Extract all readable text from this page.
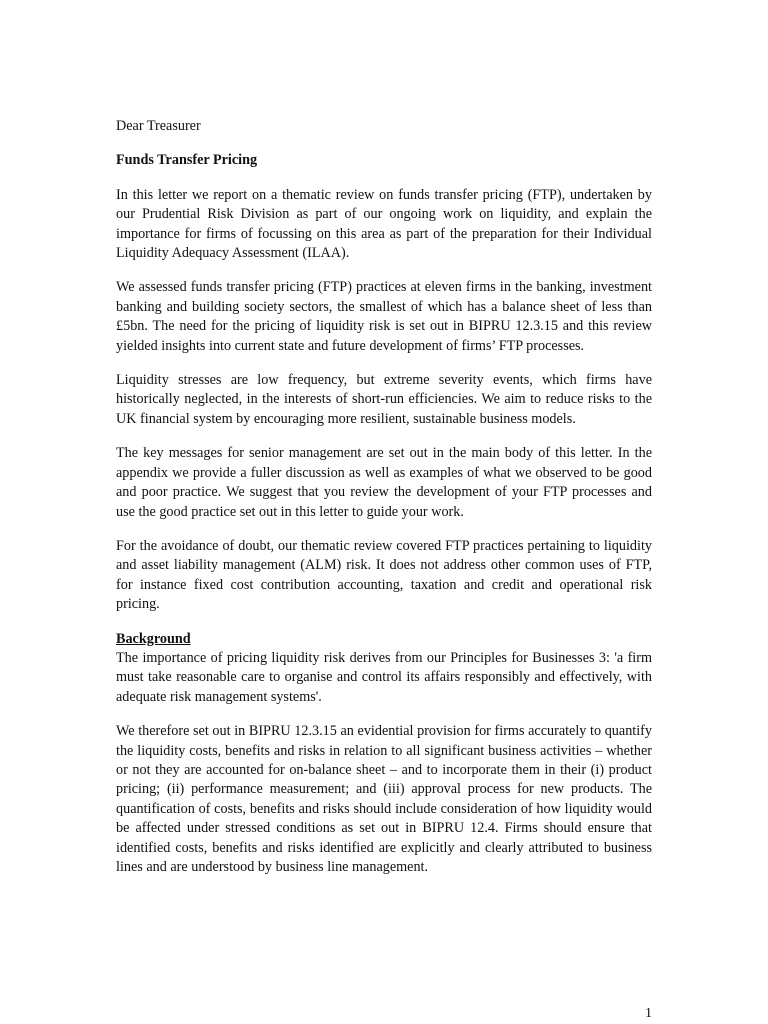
Dear Treasurer

Funds Transfer Pricing

In this letter we report on a thematic review on funds transfer pricing (FTP), undertaken by our Prudential Risk Division as part of our ongoing work on liquidity, and explain the importance for firms of focussing on this area as part of the preparation for their Individual Liquidity Adequacy Assessment (ILAA).

We assessed funds transfer pricing (FTP) practices at eleven firms in the banking, investment banking and building society sectors, the smallest of which has a balance sheet of less than £5bn. The need for the pricing of liquidity risk is set out in BIPRU 12.3.15 and this review yielded insights into current state and future development of firms’ FTP processes.

Liquidity stresses are low frequency, but extreme severity events, which firms have historically neglected, in the interests of short-run efficiencies. We aim to reduce risks to the UK financial system by encouraging more resilient, sustainable business models.

The key messages for senior management are set out in the main body of this letter. In the appendix we provide a fuller discussion as well as examples of what we observed to be good and poor practice. We suggest that you review the development of your FTP processes and use the good practice set out in this letter to guide your work.

For the avoidance of doubt, our thematic review covered FTP practices pertaining to liquidity and asset liability management (ALM) risk. It does not address other common uses of FTP, for instance fixed cost contribution accounting, taxation and credit and operational risk pricing.

Background

The importance of pricing liquidity risk derives from our Principles for Businesses 3: 'a firm must take reasonable care to organise and control its affairs responsibly and effectively, with adequate risk management systems'.

We therefore set out in BIPRU 12.3.15 an evidential provision for firms accurately to quantify the liquidity costs, benefits and risks in relation to all significant business activities – whether or not they are accounted for on-balance sheet – and to incorporate them in their (i) product pricing; (ii) performance measurement; and (iii) approval process for new products. The quantification of costs, benefits and risks should include consideration of how liquidity would be affected under stressed conditions as set out in BIPRU 12.4. Firms should ensure that identified costs, benefits and risks identified are explicitly and clearly attributed to business lines and are understood by business line management.

1
